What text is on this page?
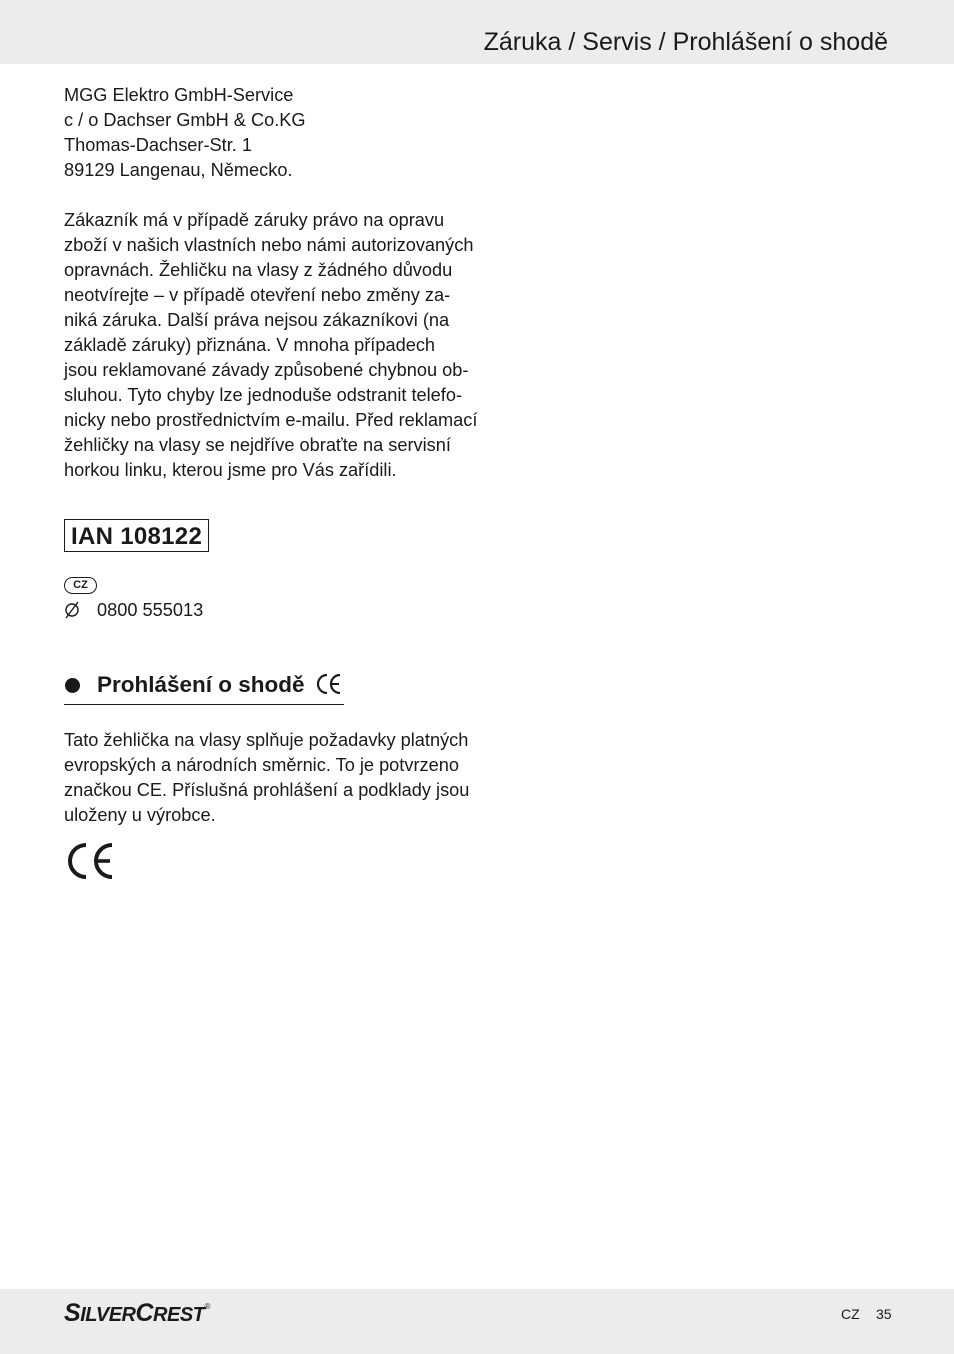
Záruka / Servis / Prohlášení o shodě
MGG Elektro GmbH-Service
c / o Dachser GmbH & Co.KG
Thomas-Dachser-Str. 1
89129 Langenau, Německo.
Zákazník má v případě záruky právo na opravu
zboží v našich vlastních nebo námi autorizovaných
opravnách. Žehličku na vlasy z žádného důvodu
neotvírejte – v případě otevření nebo změny za-
niká záruka. Další práva nejsou zákazníkovi (na
základě záruky) přiznána. V mnoha případech
jsou reklamované závady způsobené chybnou ob-
sluhou. Tyto chyby lze jednoduše odstranit telefo-
nicky nebo prostřednictvím e-mailu. Před reklamací
žehličky na vlasy se nejdříve obraťte na servisní
horkou linku, kterou jsme pro Vás zařídili.
IAN 108122
CZ
0800 555013
Prohlášení o shodě
Tato žehlička na vlasy splňuje požadavky platných
evropských a národních směrnic. To je potvrzeno
značkou CE. Příslušná prohlášení a podklady jsou
uloženy u výrobce.
SILVERCREST®	CZ 35
